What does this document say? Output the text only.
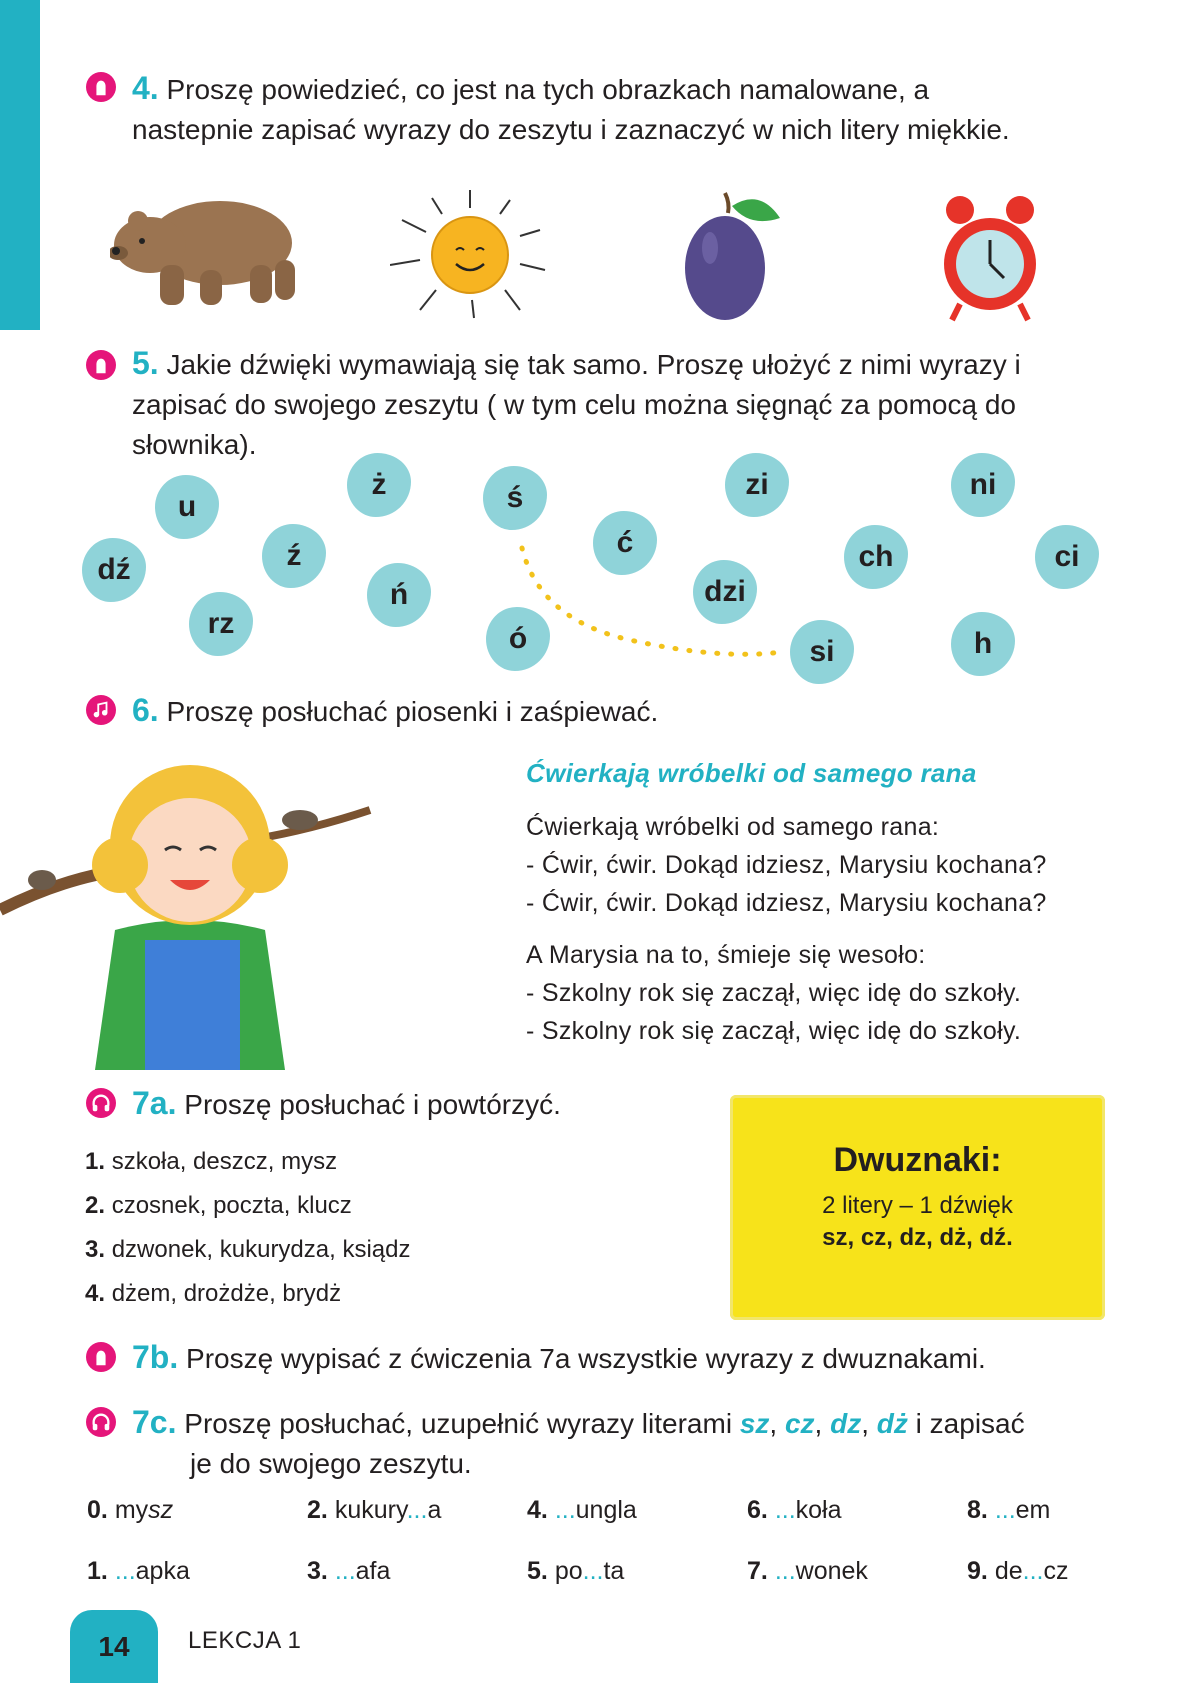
4. Proszę powiedzieć, co jest na tych obrazkach namalowane, a
nastepnie zapisać wyrazy do zeszytu i zaznaczyć w nich litery miękkie.
5. Jakie dźwięki wymawiają się tak samo. Proszę ułożyć z nimi wyrazy i
zapisać do swojego zeszytu ( w tym celu można sięgnąć za pomocą do
słownika).
u
ż	ś	zi	ni
dź	ź	ć	ch	ci
rz
ń	dzi
ó	si	h
6. Proszę posłuchać piosenki i zaśpiewać.
Ćwierkają wróbelki od samego rana
Ćwierkają wróbelki od samego rana:
- Ćwir, ćwir. Dokąd idziesz, Marysiu kochana?
- Ćwir, ćwir. Dokąd idziesz, Marysiu kochana?
A Marysia na to, śmieje się wesoło:
- Szkolny rok się zaczął, więc idę do szkoły.
- Szkolny rok się zaczął, więc idę do szkoły.
7a. Proszę posłuchać i powtórzyć.
1. szkoła, deszcz, mysz
2. czosnek, poczta, klucz
3. dzwonek, kukurydza, ksiądz
4. dżem, drożdże, brydż
Dwuznaki:
2 litery – 1 dźwięk
sz, cz, dz, dż, dź.
7b. Proszę wypisać z ćwiczenia 7a wszystkie wyrazy z dwuznakami.
7c. Proszę posłuchać, uzupełnić wyrazy literami sz, cz, dz, dż i zapisać
je do swojego zeszytu.
0. mysz	2. kukury...a	4. ...ungla	6. ...koła	8. ...em
1. ...apka	3. ...afa	5. po...ta	7. ...wonek	9. de...cz
14	LEKCJA 1
